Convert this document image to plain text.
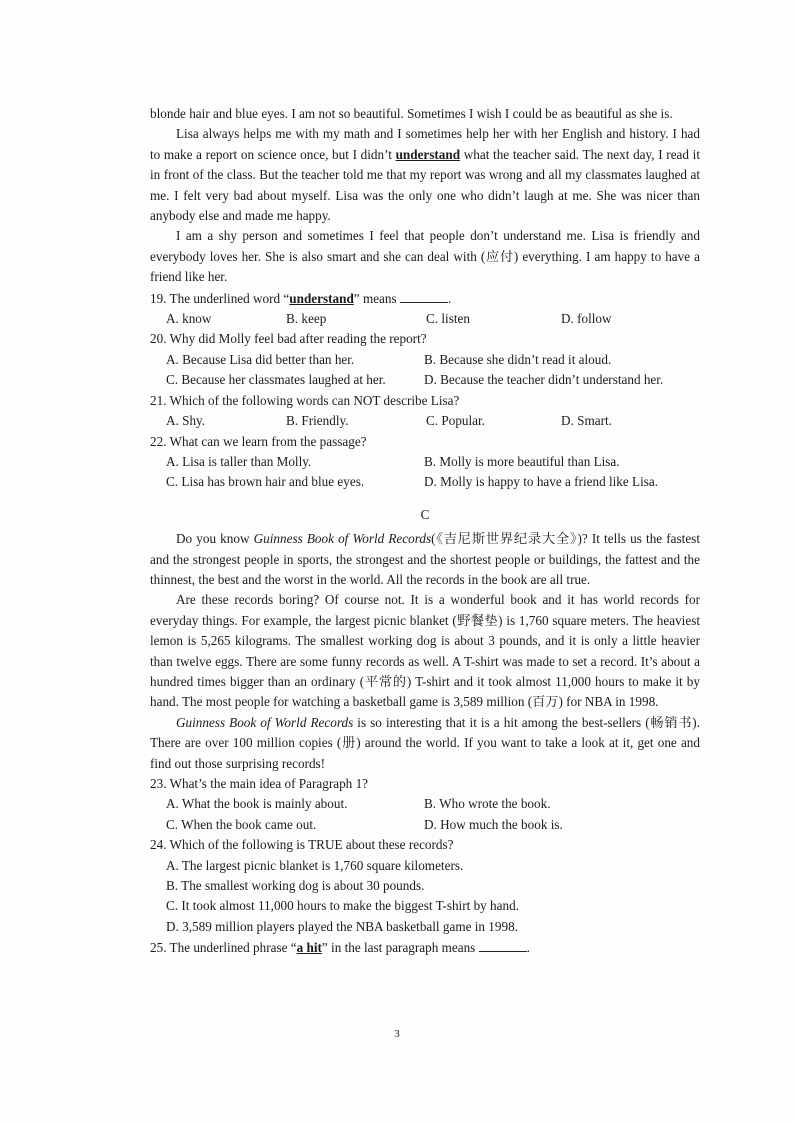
blonde hair and blue eyes. I am not so beautiful. Sometimes I wish I could be as beautiful as she is.

Lisa always helps me with my math and I sometimes help her with her English and history. I had to make a report on science once, but I didn’t understand what the teacher said. The next day, I read it in front of the class. But the teacher told me that my report was wrong and all my classmates laughed at me. I felt very bad about myself. Lisa was the only one who didn’t laugh at me. She was nicer than anybody else and made me happy.

I am a shy person and sometimes I feel that people don’t understand me. Lisa is friendly and everybody loves her. She is also smart and she can deal with (应付) everything. I am happy to have a friend like her.

19. The underlined word “understand” means	.
A. know	B. keep	C. listen	D. follow
20. Why did Molly feel bad after reading the report?
A. Because Lisa did better than her.	B. Because she didn’t read it aloud.
C. Because her classmates laughed at her.	D. Because the teacher didn’t understand her.
21. Which of the following words can NOT describe Lisa?
A. Shy.	B. Friendly.	C. Popular.	D. Smart.
22. What can we learn from the passage?
A. Lisa is taller than Molly.	B. Molly is more beautiful than Lisa.
C. Lisa has brown hair and blue eyes.	D. Molly is happy to have a friend like Lisa.
C

Do you know Guinness Book of World Records(《吉尼斯世界纪录大全》)? It tells us the fastest and the strongest people in sports, the strongest and the shortest people or buildings, the fattest and the thinnest, the best and the worst in the world. All the records in the book are all true.

Are these records boring? Of course not. It is a wonderful book and it has world records for everyday things. For example, the largest picnic blanket (野餐垫) is 1,760 square meters. The heaviest lemon is 5,265 kilograms. The smallest working dog is about 3 pounds, and it is only a little heavier than twelve eggs. There are some funny records as well. A T-shirt was made to set a record. It’s about a hundred times bigger than an ordinary (平常的) T-shirt and it took almost 11,000 hours to make it by hand. The most people for watching a basketball game is 3,589 million (百万) for NBA in 1998.

Guinness Book of World Records is so interesting that it is a hit among the best-sellers (畅销书). There are over 100 million copies (册) around the world. If you want to take a look at it, get one and find out those surprising records!

23. What’s the main idea of Paragraph 1?
A. What the book is mainly about.	B. Who wrote the book.
C. When the book came out.	D. How much the book is.
24. Which of the following is TRUE about these records?
A. The largest picnic blanket is 1,760 square kilometers.
B. The smallest working dog is about 30 pounds.
C. It took almost 11,000 hours to make the biggest T-shirt by hand.
D. 3,589 million players played the NBA basketball game in 1998.
25. The underlined phrase “a hit” in the last paragraph means	.
3
